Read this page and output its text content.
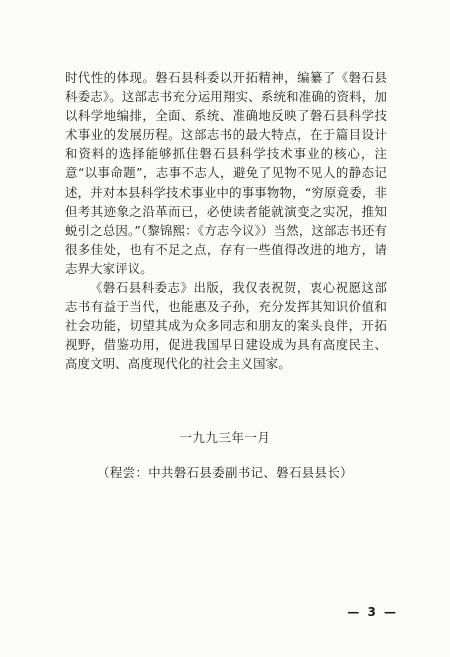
时代性的体现。磐石县科委以开拓精神，编纂了《磐石县科委志》。这部志书充分运用翔实、系统和准确的资料，加以科学地编排，全面、系统、准确地反映了磐石县科学技术事业的发展历程。这部志书的最大特点，在于篇目设计和资料的选择能够抓住磐石县科学技术事业的核心，注意“以事命题”，志事不志人，避免了见物不见人的静态记述，并对本县科学技术事业中的事事物物，“穷原竟委，非但考其迹象之沿革而已，必使读者能就演变之实况，推知蜕引之总因。”（黎锦熙：《方志今议》）当然，这部志书还有很多佳处，也有不足之点，存有一些值得改进的地方，请志界大家评议。

《磐石县科委志》出版，我仅表祝贺，衷心祝愿这部志书有益于当代，也能惠及子孙，充分发挥其知识价值和社会功能，切望其成为众多同志和朋友的案头良伴，开拓视野，借鉴功用，促进我国早日建设成为具有高度民主、高度文明、高度现代化的社会主义国家。

一九九三年一月
（程尝：中共磐石县委副书记、磐石县县长）
— 3 —
